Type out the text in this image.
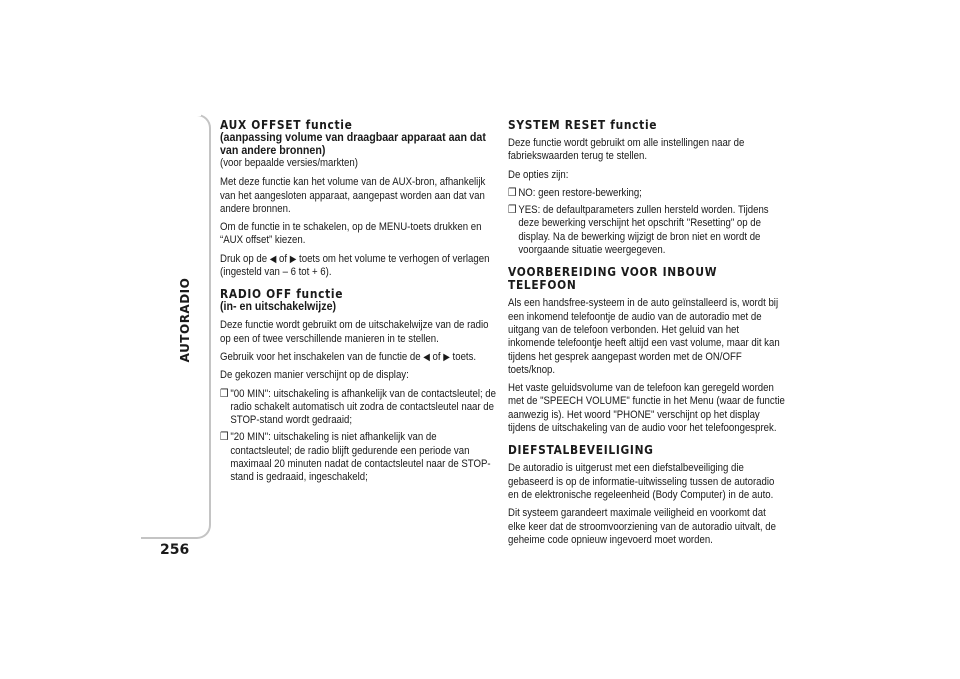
AUTORADIO
256
AUX OFFSET functie
(aanpassing volume van draagbaar apparaat aan dat van andere bronnen)

(voor bepaalde versies/markten)

Met deze functie kan het volume van de AUX-bron, afhankelijk van het aangesloten apparaat, aangepast worden aan dat van andere bronnen.

Om de functie in te schakelen, op de MENU-toets drukken en “AUX offset” kiezen.

Druk op de ◀ of ▶ toets om het volume te verhogen of verlagen (ingesteld van – 6 tot + 6).

RADIO OFF functie
(in- en uitschakelwijze)

Deze functie wordt gebruikt om de uitschakelwijze van de radio op een of twee verschillende manieren in te stellen.

Gebruik voor het inschakelen van de functie de ◀ of ▶ toets.

De gekozen manier verschijnt op de display:

❒ "00 MIN": uitschakeling is afhankelijk van de contactsleutel; de radio schakelt automatisch uit zodra de contactsleutel naar de STOP-stand wordt gedraaid;
❒ "20 MIN": uitschakeling is niet afhankelijk van de contactsleutel; de radio blijft gedurende een periode van maximaal 20 minuten nadat de contactsleutel naar de STOP-stand is gedraaid, ingeschakeld;
SYSTEM RESET functie

Deze functie wordt gebruikt om alle instellingen naar de fabriekswaarden terug te stellen.

De opties zijn:

❒ NO: geen restore-bewerking;
❒ YES: de defaultparameters zullen hersteld worden. Tijdens deze bewerking verschijnt het opschrift "Resetting" op de display. Na de bewerking wijzigt de bron niet en wordt de voorgaande situatie weergegeven.
VOORBEREIDING VOOR INBOUW TELEFOON

Als een handsfree-systeem in de auto geïnstalleerd is, wordt bij een inkomend telefoontje de audio van de autoradio met de uitgang van de telefoon verbonden. Het geluid van het inkomende telefoontje heeft altijd een vast volume, maar dit kan tijdens het gesprek aangepast worden met de ON/OFF toets/knop.

Het vaste geluidsvolume van de telefoon kan geregeld worden met de "SPEECH VOLUME" functie in het Menu (waar de functie aanwezig is). Het woord "PHONE" verschijnt op het display tijdens de uitschakeling van de audio voor het telefoongesprek.

DIEFSTALBEVEILIGING

De autoradio is uitgerust met een diefstalbeveiliging die gebaseerd is op de informatie-uitwisseling tussen de autoradio en de elektronische regeleenheid (Body Computer) in de auto.

Dit systeem garandeert maximale veiligheid en voorkomt dat elke keer dat de stroomvoorziening van de autoradio uitvalt, de geheime code opnieuw ingevoerd moet worden.
